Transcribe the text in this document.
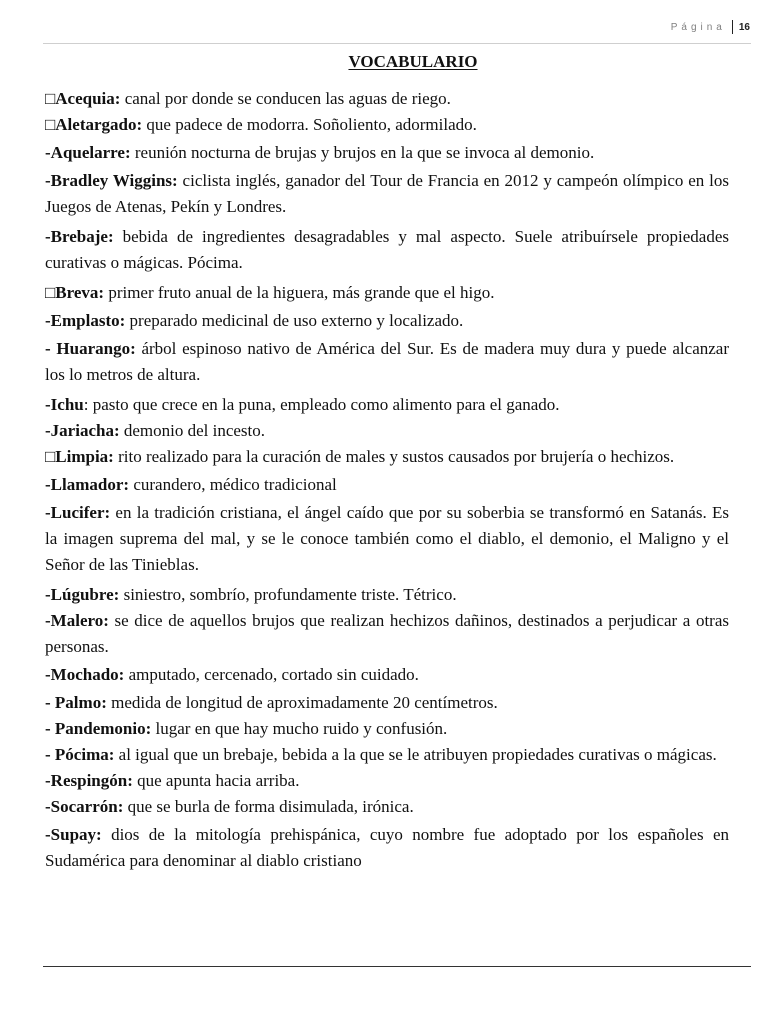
Página 16
VOCABULARIO

□Acequia: canal por donde se conducen las aguas de riego.

□Aletargado: que padece de modorra. Soñoliento, adormilado.

-Aquelarre: reunión nocturna de brujas y brujos en la que se invoca al demonio.

-Bradley Wiggins: ciclista inglés, ganador del Tour de Francia en 2012 y campeón olímpico en los Juegos de Atenas, Pekín y Londres.

-Brebaje: bebida de ingredientes desagradables y mal aspecto. Suele atribuírsele propiedades curativas o mágicas. Pócima.

□Breva: primer fruto anual de la higuera, más grande que el higo.

-Emplasto: preparado medicinal de uso externo y localizado.

- Huarango: árbol espinoso nativo de América del Sur. Es de madera muy dura y puede alcanzar los lo metros de altura.

-Ichu: pasto que crece en la puna, empleado como alimento para el ganado.

-Jariacha: demonio del incesto.

□Limpia: rito realizado para la curación de males y sustos causados por brujería o hechizos.

-Llamador: curandero, médico tradicional

-Lucifer: en la tradición cristiana, el ángel caído que por su soberbia se transformó en Satanás. Es la imagen suprema del mal, y se le conoce también como el diablo, el demonio, el Maligno y el Señor de las Tinieblas.

-Lúgubre: siniestro, sombrío, profundamente triste. Tétrico.

-Malero: se dice de aquellos brujos que realizan hechizos dañinos, destinados a perjudicar a otras personas.

-Mochado: amputado, cercenado, cortado sin cuidado.

- Palmo: medida de longitud de aproximadamente 20 centímetros.

- Pandemonio: lugar en que hay mucho ruido y confusión.

- Pócima: al igual que un brebaje, bebida a la que se le atribuyen propiedades curativas o mágicas.

-Respingón: que apunta hacia arriba.

-Socarrón: que se burla de forma disimulada, irónica.

-Supay: dios de la mitología prehispánica, cuyo nombre fue adoptado por los españoles en Sudamérica para denominar al diablo cristiano
